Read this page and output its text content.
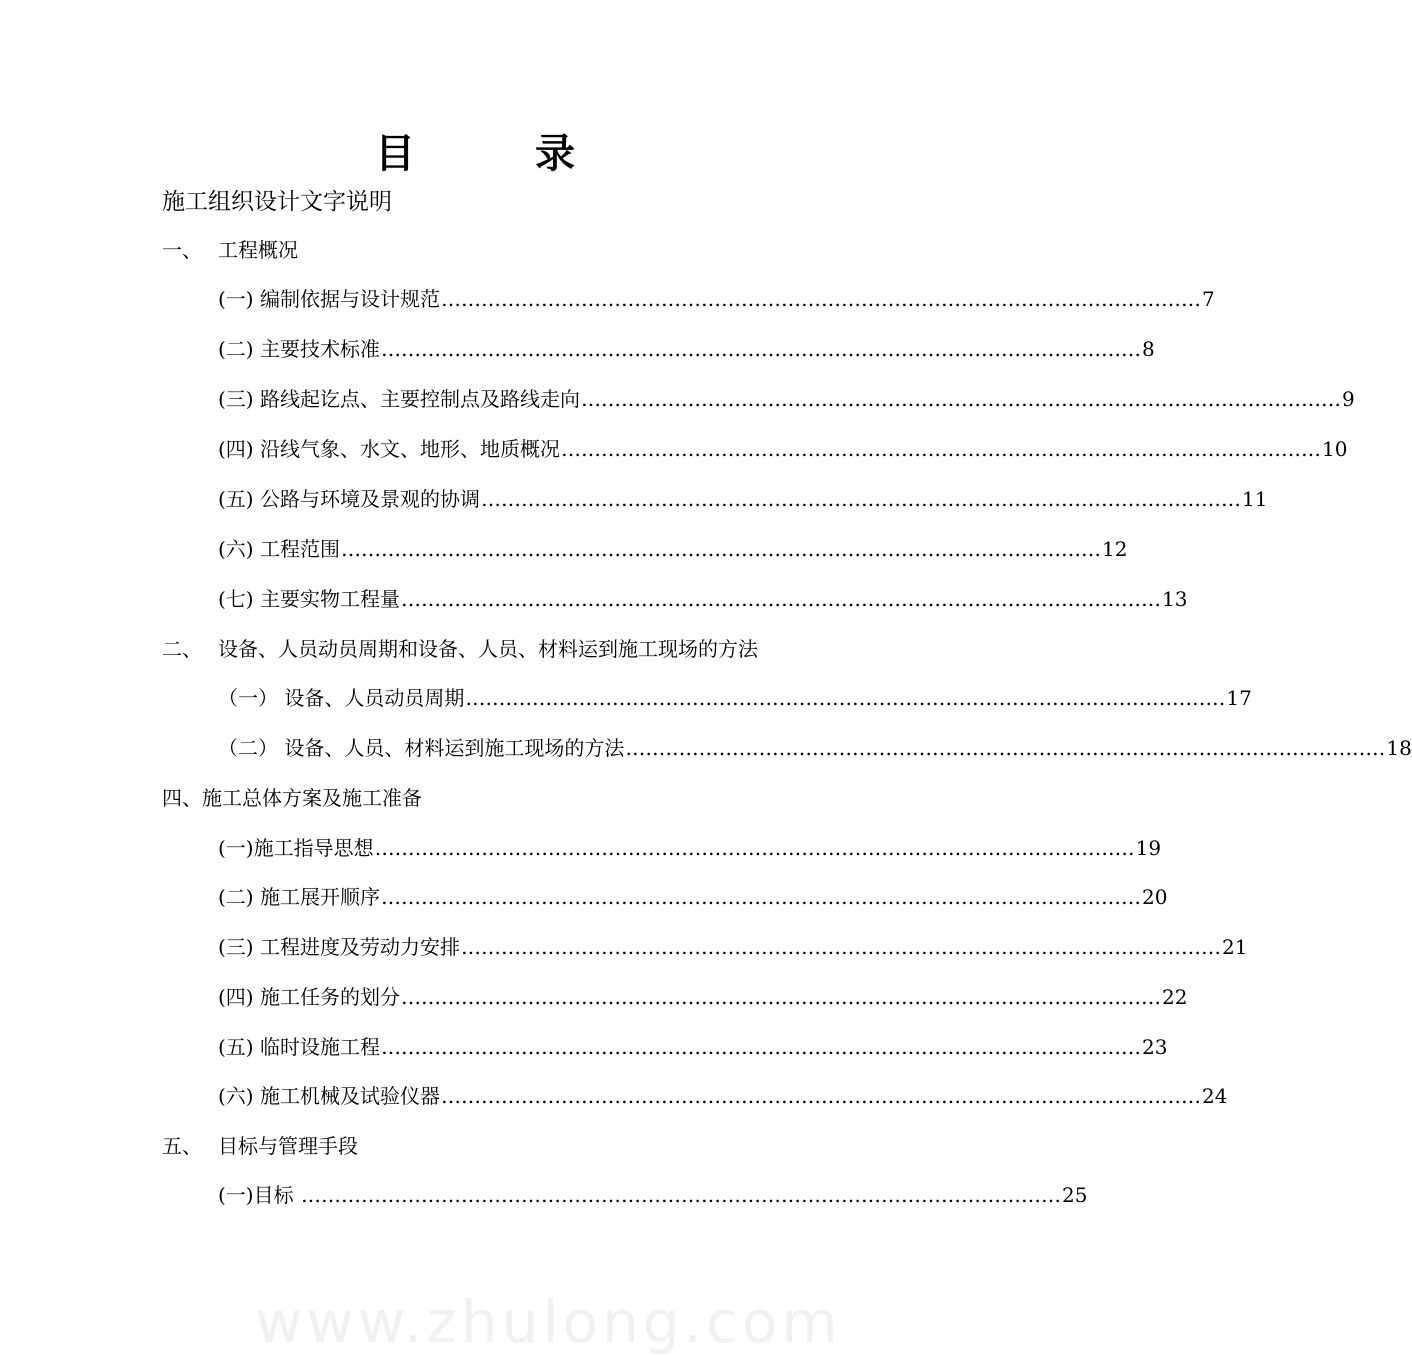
目	录
施工组织设计文字说明
一、 工程概况
(一) 编制依据与设计规范 …………………………………………………………………………………………………… 7
(二) 主要技术标准 …………………………………………………………………………………………………… 8
(三) 路线起讫点、主要控制点及路线走向 …………………………………………………………………………………………………… 9
(四) 沿线气象、水文、地形、地质概况 …………………………………………………………………………………………………… 10
(五) 公路与环境及景观的协调 …………………………………………………………………………………………………… 11
(六) 工程范围 …………………………………………………………………………………………………… 12
(七) 主要实物工程量 …………………………………………………………………………………………………… 13
二、 设备、人员动员周期和设备、人员、材料运到施工现场的方法
（一） 设备、人员动员周期 …………………………………………………………………………………………………… 17
（二） 设备、人员、材料运到施工现场的方法 …………………………………………………………………………………………………… 18
四、施工总体方案及施工准备
(一)施工指导思想 …………………………………………………………………………………………………… 19
(二) 施工展开顺序 …………………………………………………………………………………………………… 20
(三) 工程进度及劳动力安排 …………………………………………………………………………………………………… 21
(四) 施工任务的划分 …………………………………………………………………………………………………… 22
(五) 临时设施工程 …………………………………………………………………………………………………… 23
(六) 施工机械及试验仪器 …………………………………………………………………………………………………… 24
五、 目标与管理手段
(一)目标 …………………………………………………………………………………………………… 25
www.zhulong.com
